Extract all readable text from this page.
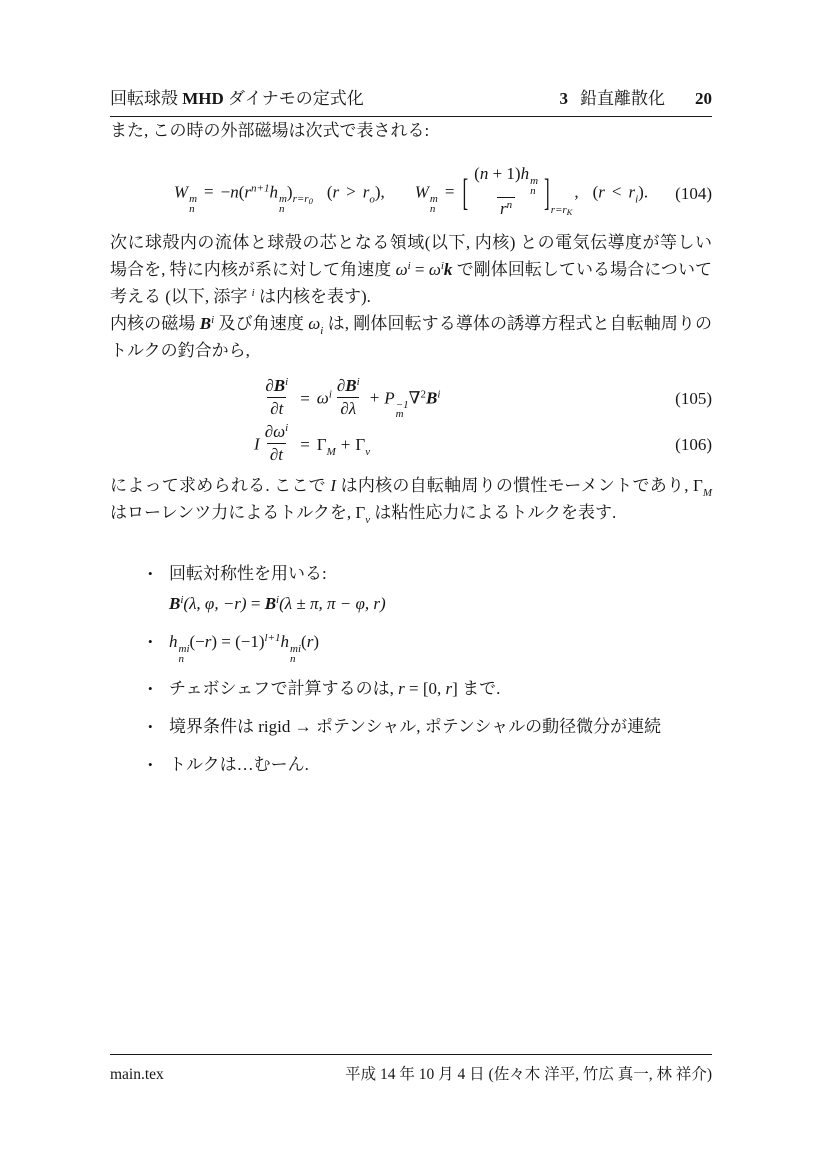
回転球殻 MHD ダイナモの定式化	3 鉛直離散化 20

また, この時の外部磁場は次式で表される:

W m
n
= $-n(r^{n+1}h$ m
n
)$_{r=r0}$ $(r > r_o)$, W m
n
= [ (n + 1)h m
n
$r^n$ ]r=rK, $(r < r_i)$.	(104)

次に球殻内の流体と球殻の芯となる領域(以下, 内核) との電気伝導度が等しい場合を, 特に内核が系に対して角速度 $\omega^i = \omega^ik$ で剛体回転している場合について考える (以下, 添字 $^i$ は内核を表す).

内核の磁場 $B^i$ 及び角速度 $\omega_i$ は, 剛体回転する導体の誘導方程式と自転軸周りのトルクの釣合から,

$\frac{\partial B^i}{\partial t} = \omega^i \frac{\partial B^i}{\partial\lambda} + P -1$
m
$\nabla^2B^i$	(105)
I $\frac{\partial\omega^i}{\partial t} = \Gamma_M + \Gamma_\nu$	(106)

によって求められる. ここで I は内核の自転軸周りの慣性モーメントであり, $\Gamma_M$ はローレンツ力によるトルクを, $\Gamma_\nu$ は粘性応力によるトルクを表す.

• 回転対称性を用いる:
$B^i(\lambda$, φ, $-r) = B^i(\lambda \pm \pi$, π − φ, r)
• h mi
n
$(-r) = (-1)^{l+1}h$ mi
n
(r)
• チェボシェフで計算するのは, r = [0, r] まで.
• 境界条件は rigid → ポテンシャル, ポテンシャルの動径微分が連続
• トルクは…むーん.
main.tex	平成 14 年 10 月 4 日 (佐々木 洋平, 竹広 真一, 林 祥介)
